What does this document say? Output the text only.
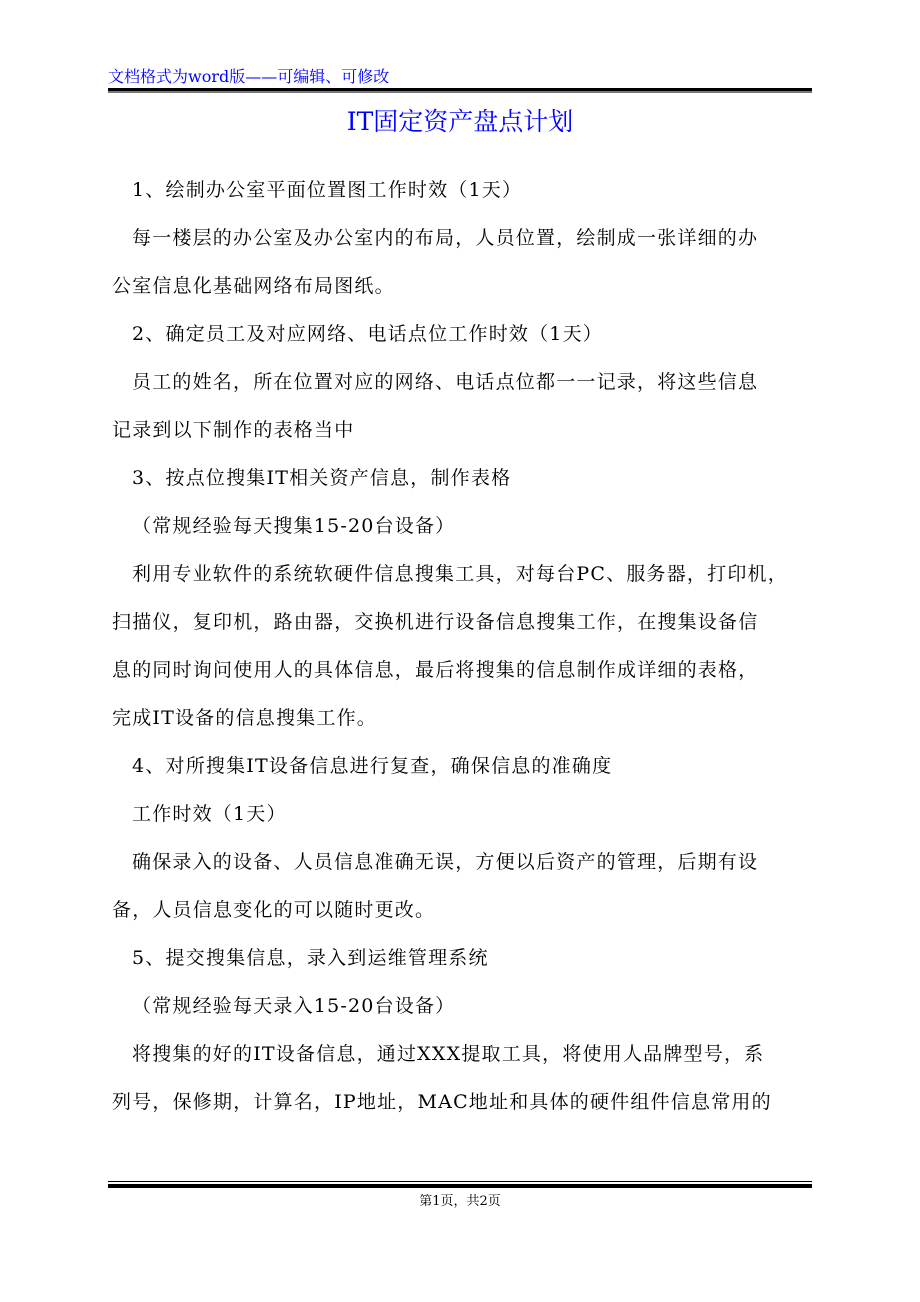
文档格式为word版——可编辑、可修改
IT固定资产盘点计划
1、绘制办公室平面位置图工作时效（1天）
每一楼层的办公室及办公室内的布局，人员位置，绘制成一张详细的办
公室信息化基础网络布局图纸。
2、确定员工及对应网络、电话点位工作时效（1天）
员工的姓名，所在位置对应的网络、电话点位都一一记录，将这些信息
记录到以下制作的表格当中
3、按点位搜集IT相关资产信息，制作表格
（常规经验每天搜集15-20台设备）
利用专业软件的系统软硬件信息搜集工具，对每台PC、服务器，打印机，
扫描仪，复印机，路由器，交换机进行设备信息搜集工作，在搜集设备信
息的同时询问使用人的具体信息，最后将搜集的信息制作成详细的表格，
完成IT设备的信息搜集工作。
4、对所搜集IT设备信息进行复查，确保信息的准确度
工作时效（1天）
确保录入的设备、人员信息准确无误，方便以后资产的管理，后期有设
备，人员信息变化的可以随时更改。
5、提交搜集信息，录入到运维管理系统
（常规经验每天录入15-20台设备）
将搜集的好的IT设备信息，通过XXX提取工具，将使用人品牌型号，系
列号，保修期，计算名，IP地址，MAC地址和具体的硬件组件信息常用的
第1页，共2页
